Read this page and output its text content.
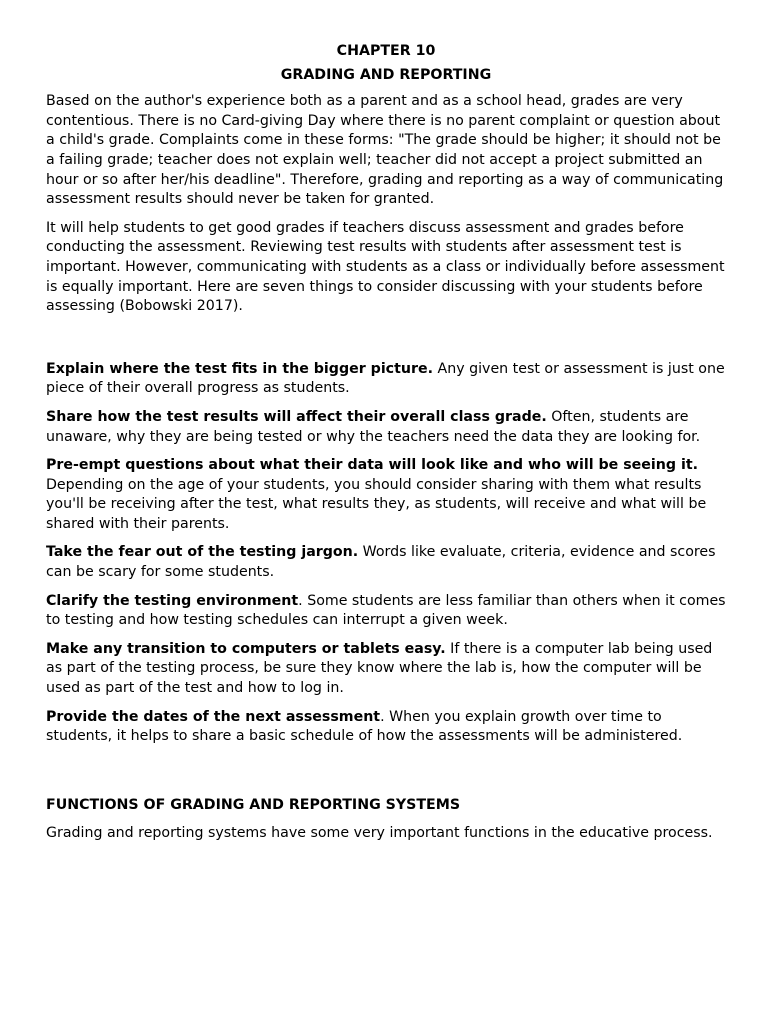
CHAPTER 10
GRADING AND REPORTING

Based on the author's experience both as a parent and as a school head, grades are very contentious. There is no Card-giving Day where there is no parent complaint or question about a child's grade. Complaints come in these forms: "The grade should be higher; it should not be a failing grade; teacher does not explain well; teacher did not accept a project submitted an hour or so after her/his deadline". Therefore, grading and reporting as a way of communicating assessment results should never be taken for granted.

It will help students to get good grades if teachers discuss assessment and grades before conducting the assessment. Reviewing test results with students after assessment test is important. However, communicating with students as a class or individually before assessment is equally important. Here are seven things to consider discussing with your students before assessing (Bobowski 2017).

Explain where the test fits in the bigger picture. Any given test or assessment is just one piece of their overall progress as students.

Share how the test results will affect their overall class grade. Often, students are unaware, why they are being tested or why the teachers need the data they are looking for.

Pre-empt questions about what their data will look like and who will be seeing it. Depending on the age of your students, you should consider sharing with them what results you'll be receiving after the test, what results they, as students, will receive and what will be shared with their parents.

Take the fear out of the testing jargon. Words like evaluate, criteria, evidence and scores can be scary for some students.

Clarify the testing environment. Some students are less familiar than others when it comes to testing and how testing schedules can interrupt a given week.

Make any transition to computers or tablets easy. If there is a computer lab being used as part of the testing process, be sure they know where the lab is, how the computer will be used as part of the test and how to log in.

Provide the dates of the next assessment. When you explain growth over time to students, it helps to share a basic schedule of how the assessments will be administered.

FUNCTIONS OF GRADING AND REPORTING SYSTEMS

Grading and reporting systems have some very important functions in the educative process.
